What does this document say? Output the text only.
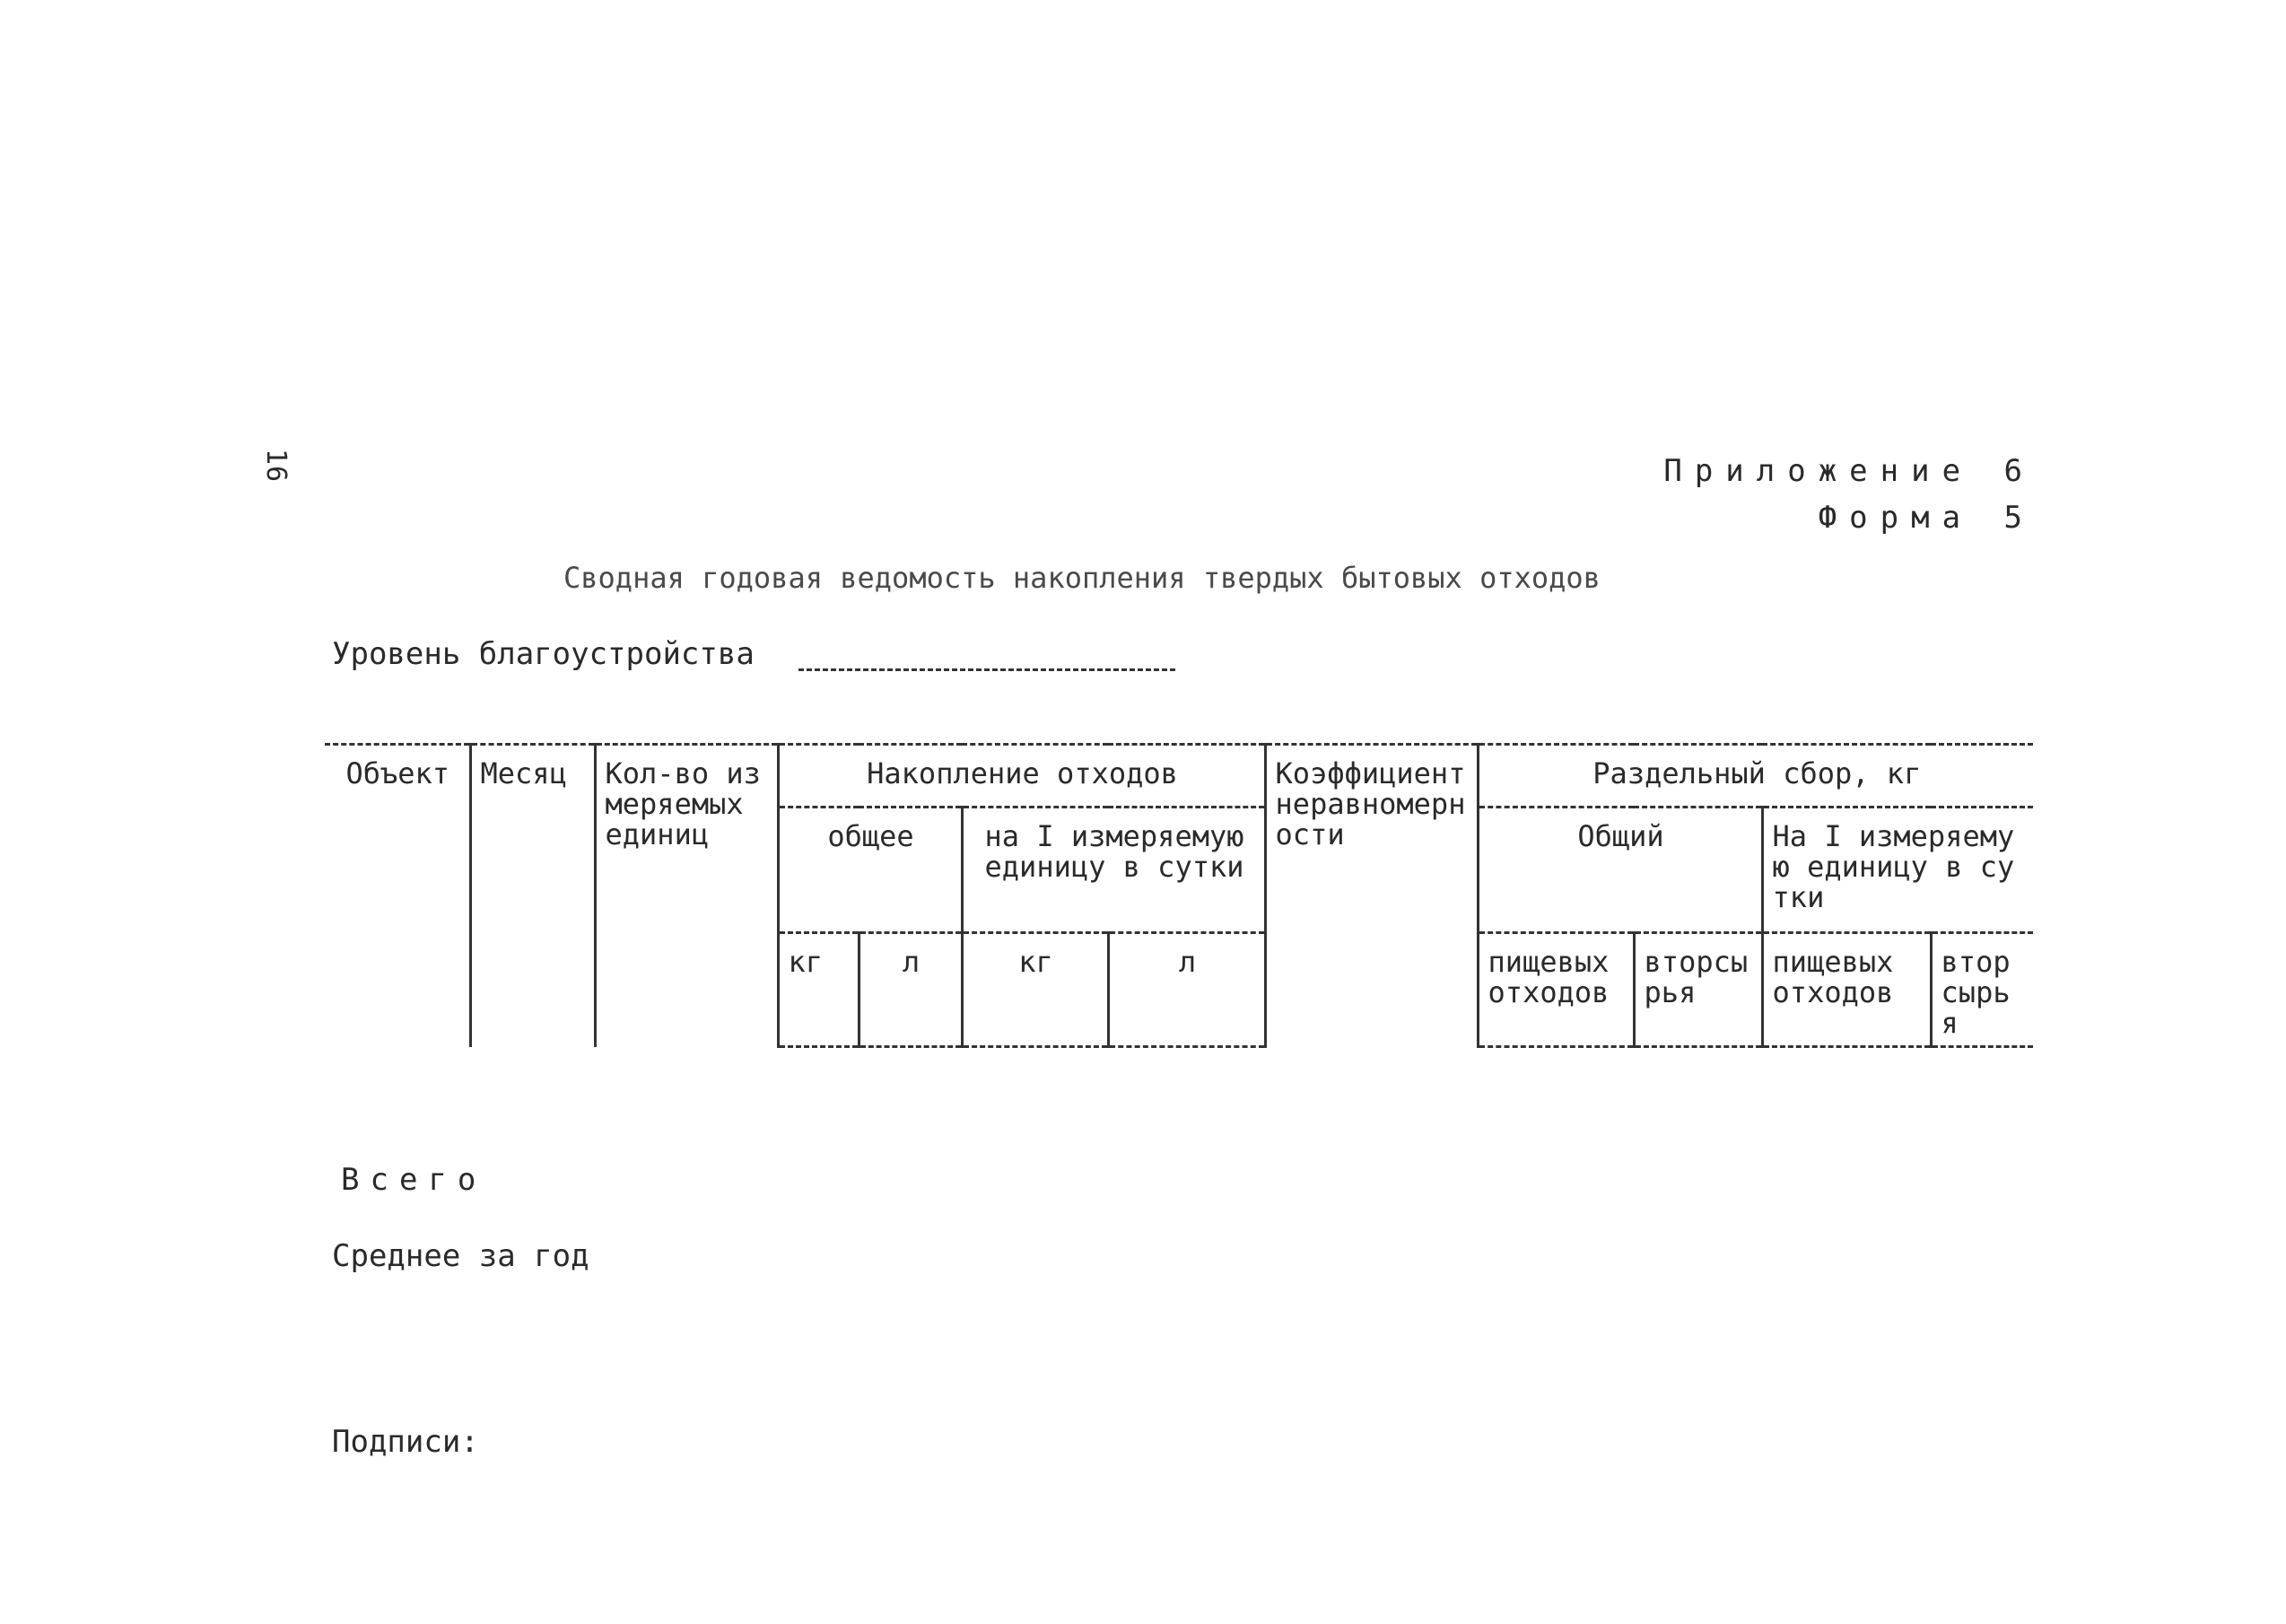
16	Приложение 6
Форма 5
Сводная годовая ведомость накопления твердых бытовых отходов
Уровень благоустройства
Объект	Месяц	Кол-во измеряемых единиц	Накопление отходов				Коэффициент неравномерности	Раздельный сбор, кг			
			общее		на I измеряемую единицу в сутки			Общий		На I измеряемую единицу в сутки	
			кг	л	кг	л		пищевых отходов	вторсырья	пищевых отходов	вторсырья
Всего
Среднее за год
Подписи:
